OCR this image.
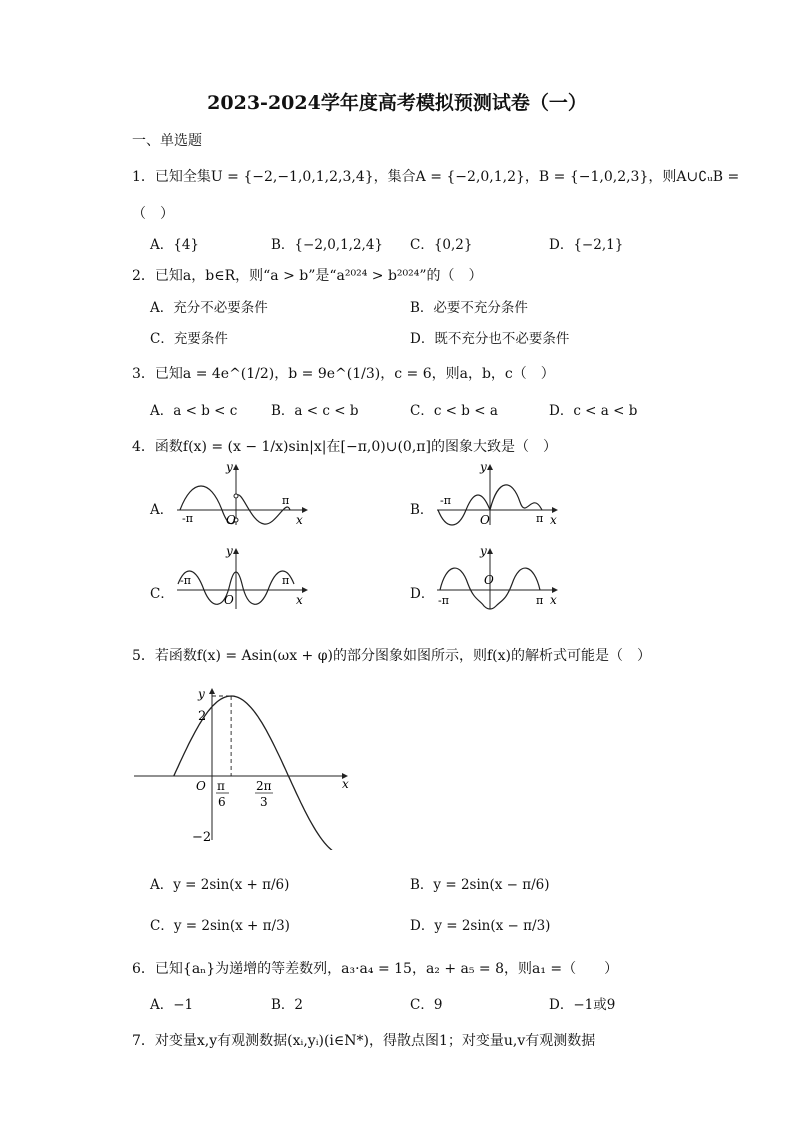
2023-2024学年度高考模拟预测试卷（一）
一、单选题
1．已知全集U = {−2,−1,0,1,2,3,4}，集合A = {−2,0,1,2}，B = {−1,0,2,3}，则A∪∁ᵤB =
（　）
A．{4}	B．{−2,0,1,2,4} C．{0,2}	D．{−2,1}
2．已知a，b∈R，则“a > b”是“a²⁰²⁴ > b²⁰²⁴”的（　）
A．充分不必要条件	B．必要不充分条件
C．充要条件	D．既不充分也不必要条件
3．已知a = 4e^(1/2)，b = 9e^(1/3)，c = 6，则a，b，c（　）
A．a < b < c B．a < c < b	C．c < b < a	D．c < a < b
4．函数f(x) = (x − 1/x)sin|x|在[−π,0)∪(0,π]的图象大致是（　）
A．
y
x
O
-π
π
B．
y
x
O
-π
π
C．
y
x
O
-π	π
D．
y
x
O
-π	π
5．若函数f(x) = Asin(ωx + φ)的部分图象如图所示，则f(x)的解析式可能是（　）
y
x
O
2
−2
π
6
2π
3
A．y = 2sin(x + π/6)	B．y = 2sin(x − π/6)
C．y = 2sin(x + π/3)	D．y = 2sin(x − π/3)
6．已知{aₙ}为递增的等差数列，a₃·a₄ = 15，a₂ + a₅ = 8，则a₁ =（　　）
A．−1	B．2	C．9	D．−1或9
7．对变量x,y有观测数据(xᵢ,yᵢ)(i∈N*)，得散点图1；对变量u,v有观测数据
